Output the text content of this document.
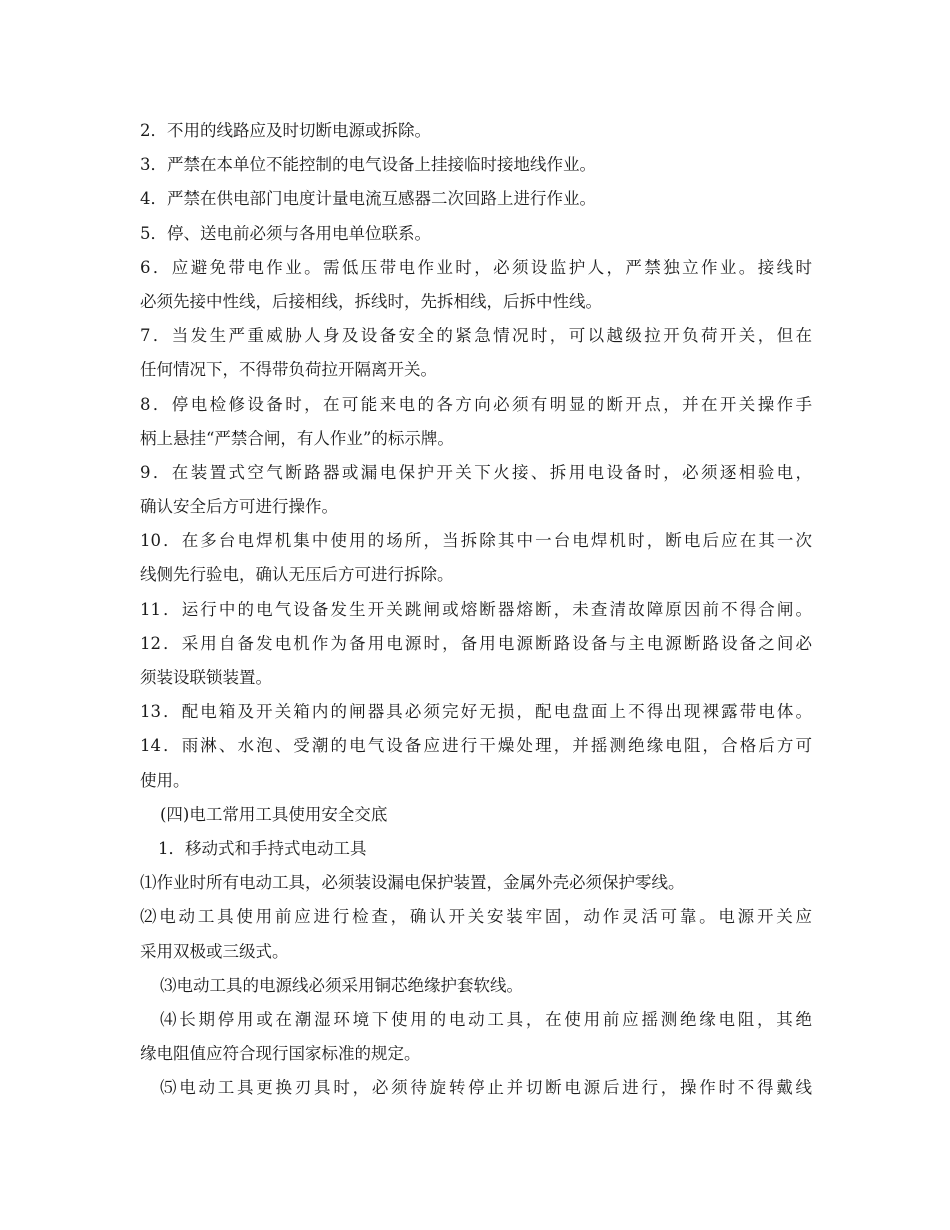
2．不用的线路应及时切断电源或拆除。
3．严禁在本单位不能控制的电气设备上挂接临时接地线作业。
4．严禁在供电部门电度计量电流互感器二次回路上进行作业。
5．停、送电前必须与各用电单位联系。
6．应避免带电作业。需低压带电作业时，必须设监护人，严禁独立作业。接线时
必须先接中性线，后接相线，拆线时，先拆相线，后拆中性线。
7．当发生严重威胁人身及设备安全的紧急情况时，可以越级拉开负荷开关，但在
任何情况下，不得带负荷拉开隔离开关。
8．停电检修设备时，在可能来电的各方向必须有明显的断开点，并在开关操作手
柄上悬挂“严禁合闸，有人作业”的标示牌。
9．在装置式空气断路器或漏电保护开关下火接、拆用电设备时，必须逐相验电，
确认安全后方可进行操作。
10．在多台电焊机集中使用的场所，当拆除其中一台电焊机时，断电后应在其一次
线侧先行验电，确认无压后方可进行拆除。
11．运行中的电气设备发生开关跳闸或熔断器熔断，未查清故障原因前不得合闸。
12．采用自备发电机作为备用电源时，备用电源断路设备与主电源断路设备之间必
须装设联锁装置。
13．配电箱及开关箱内的闸器具必须完好无损，配电盘面上不得出现裸露带电体。
14．雨淋、水泡、受潮的电气设备应进行干燥处理，并摇测绝缘电阻，合格后方可
使用。
(四)电工常用工具使用安全交底
1．移动式和手持式电动工具
⑴作业时所有电动工具，必须装设漏电保护装置，金属外壳必须保护零线。
⑵电动工具使用前应进行检查，确认开关安装牢固，动作灵活可靠。电源开关应
采用双极或三级式。
⑶电动工具的电源线必须采用铜芯绝缘护套软线。
⑷长期停用或在潮湿环境下使用的电动工具，在使用前应摇测绝缘电阻，其绝
缘电阻值应符合现行国家标准的规定。
⑸电动工具更换刃具时，必须待旋转停止并切断电源后进行，操作时不得戴线
